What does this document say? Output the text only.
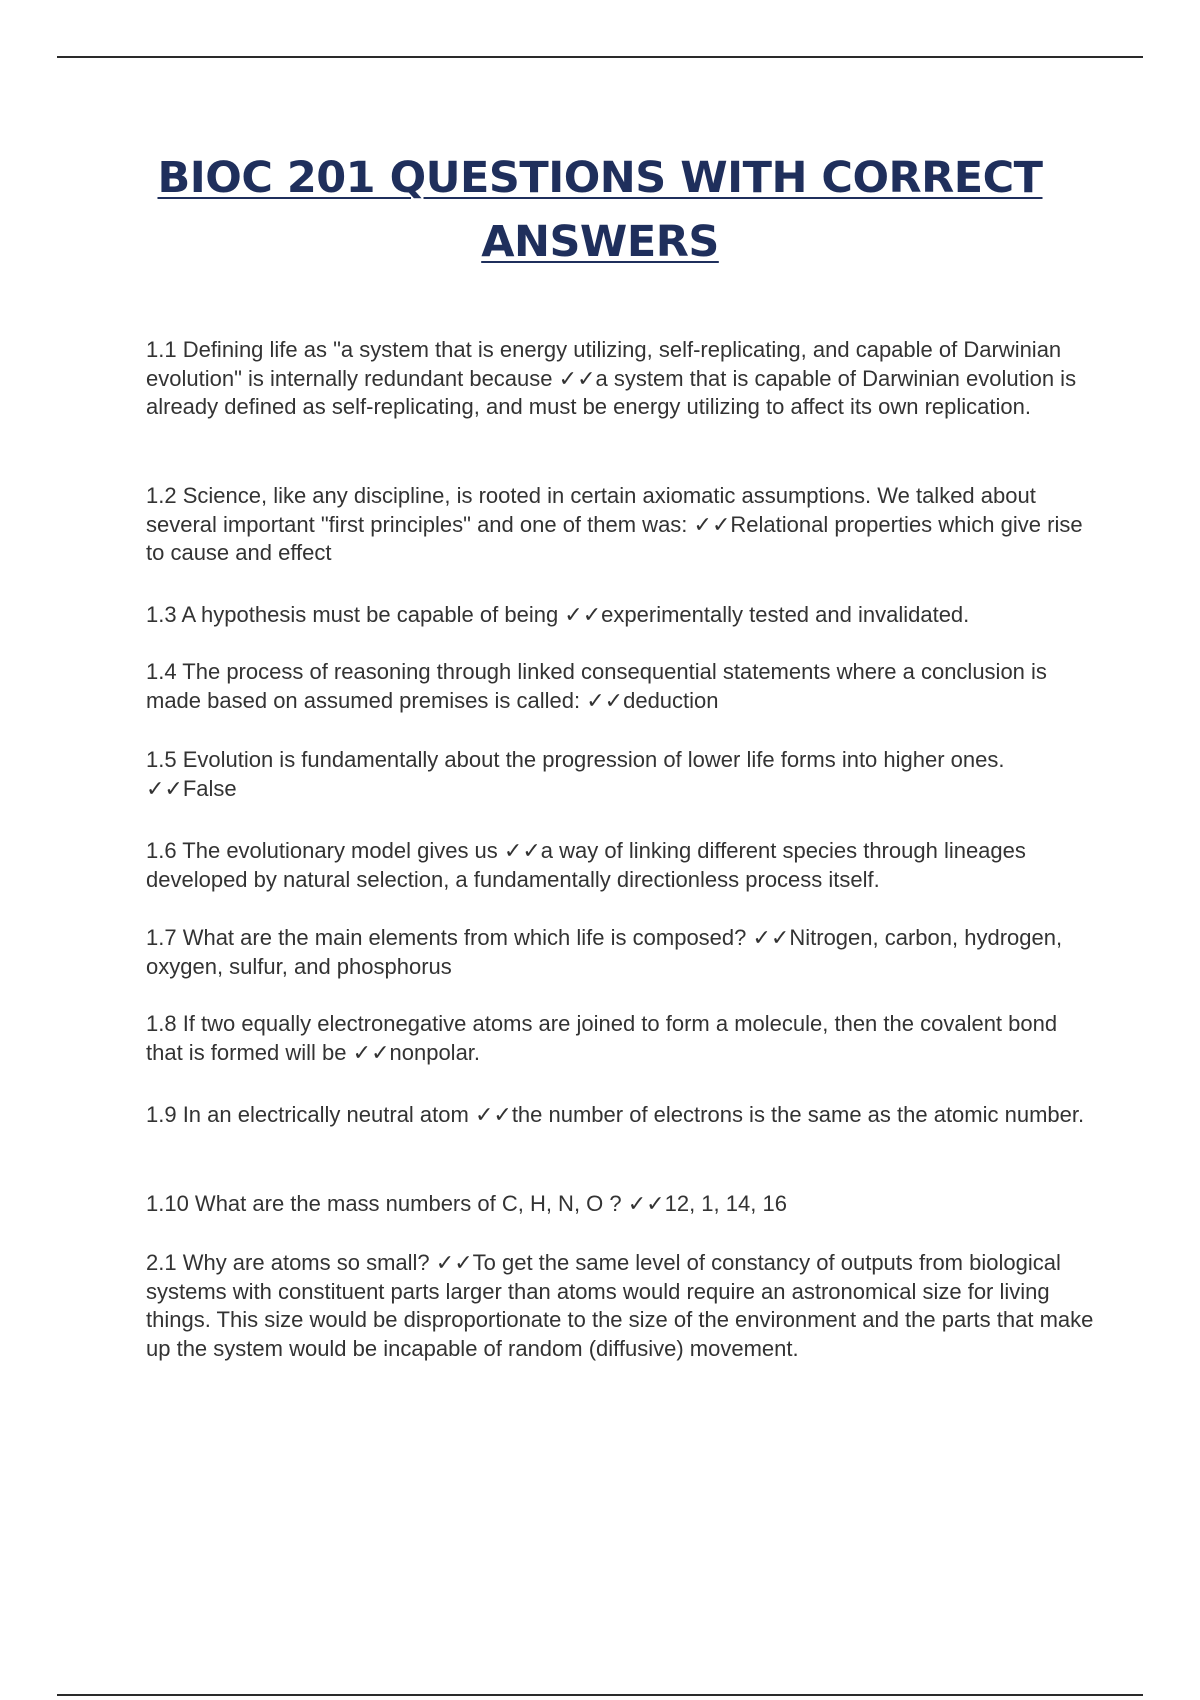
BIOC 201 QUESTIONS WITH CORRECT
ANSWERS

1.1 Defining life as "a system that is energy utilizing, self-replicating, and capable of Darwinian evolution" is internally redundant because ✓✓a system that is capable of Darwinian evolution is already defined as self-replicating, and must be energy utilizing to affect its own replication.

1.2 Science, like any discipline, is rooted in certain axiomatic assumptions. We talked about several important "first principles" and one of them was: ✓✓Relational properties which give rise to cause and effect

1.3 A hypothesis must be capable of being ✓✓experimentally tested and invalidated.

1.4 The process of reasoning through linked consequential statements where a conclusion is made based on assumed premises is called: ✓✓deduction

1.5 Evolution is fundamentally about the progression of lower life forms into higher ones. ✓✓False

1.6 The evolutionary model gives us ✓✓a way of linking different species through lineages developed by natural selection, a fundamentally directionless process itself.

1.7 What are the main elements from which life is composed? ✓✓Nitrogen, carbon, hydrogen, oxygen, sulfur, and phosphorus

1.8 If two equally electronegative atoms are joined to form a molecule, then the covalent bond that is formed will be ✓✓nonpolar.

1.9 In an electrically neutral atom ✓✓the number of electrons is the same as the atomic number.

1.10 What are the mass numbers of C, H, N, O ? ✓✓12, 1, 14, 16

2.1 Why are atoms so small? ✓✓To get the same level of constancy of outputs from biological systems with constituent parts larger than atoms would require an astronomical size for living things. This size would be disproportionate to the size of the environment and the parts that make up the system would be incapable of random (diffusive) movement.
